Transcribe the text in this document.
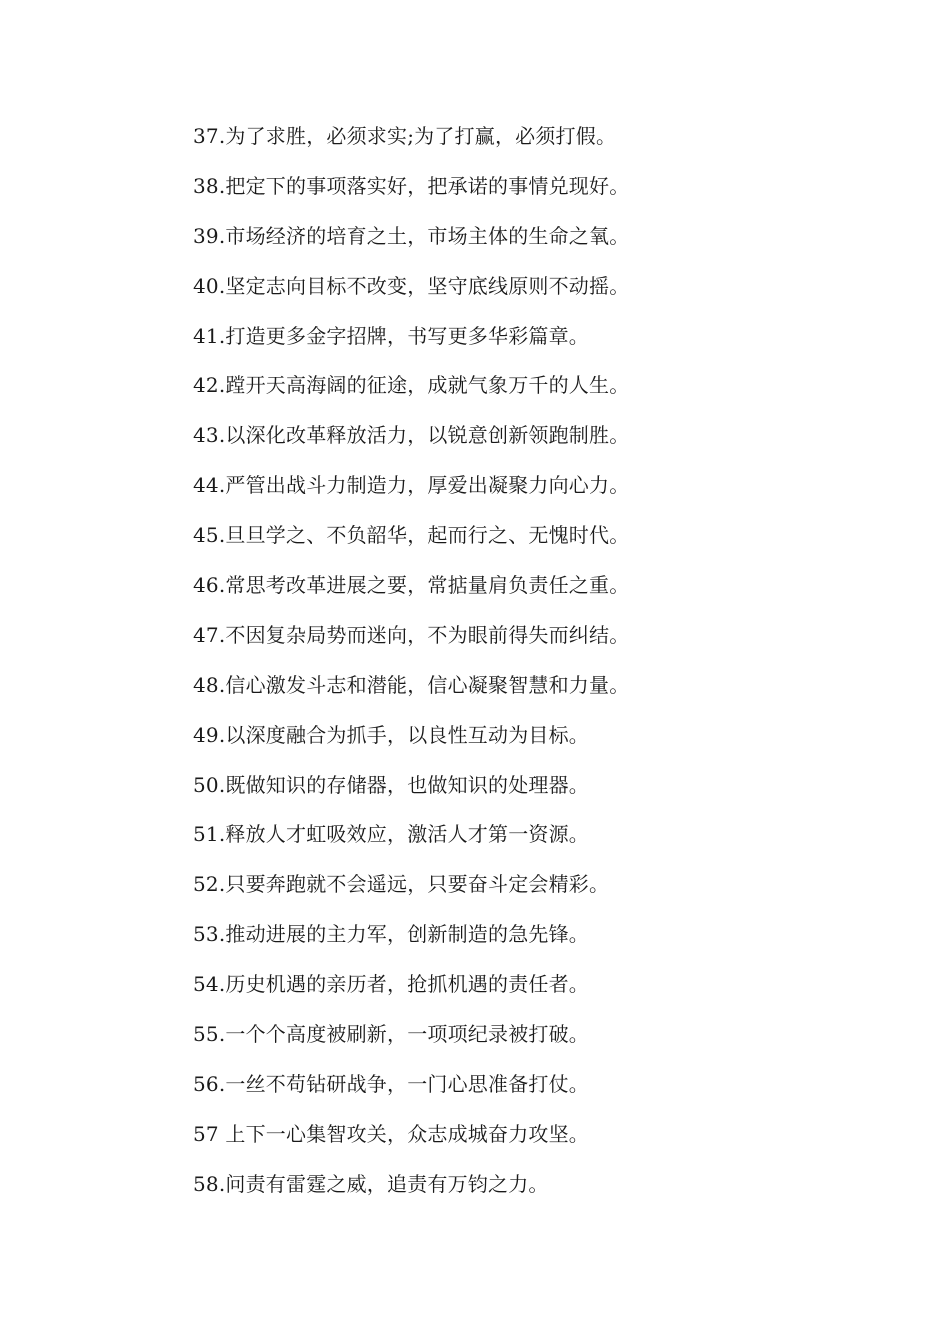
37.为了求胜，必须求实;为了打赢，必须打假。
38.把定下的事项落实好，把承诺的事情兑现好。
39.市场经济的培育之土，市场主体的生命之氧。
40.坚定志向目标不改变，坚守底线原则不动摇。
41.打造更多金字招牌，书写更多华彩篇章。
42.蹚开天高海阔的征途，成就气象万千的人生。
43.以深化改革释放活力，以锐意创新领跑制胜。
44.严管出战斗力制造力，厚爱出凝聚力向心力。
45.旦旦学之、不负韶华，起而行之、无愧时代。
46.常思考改革进展之要，常掂量肩负责任之重。
47.不因复杂局势而迷向，不为眼前得失而纠结。
48.信心激发斗志和潜能，信心凝聚智慧和力量。
49.以深度融合为抓手，以良性互动为目标。
50.既做知识的存储器，也做知识的处理器。
51.释放人才虹吸效应，激活人才第一资源。
52.只要奔跑就不会遥远，只要奋斗定会精彩。
53.推动进展的主力军，创新制造的急先锋。
54.历史机遇的亲历者，抢抓机遇的责任者。
55.一个个高度被刷新，一项项纪录被打破。
56.一丝不苟钻研战争，一门心思准备打仗。
57 上下一心集智攻关，众志成城奋力攻坚。
58.问责有雷霆之威，追责有万钧之力。
